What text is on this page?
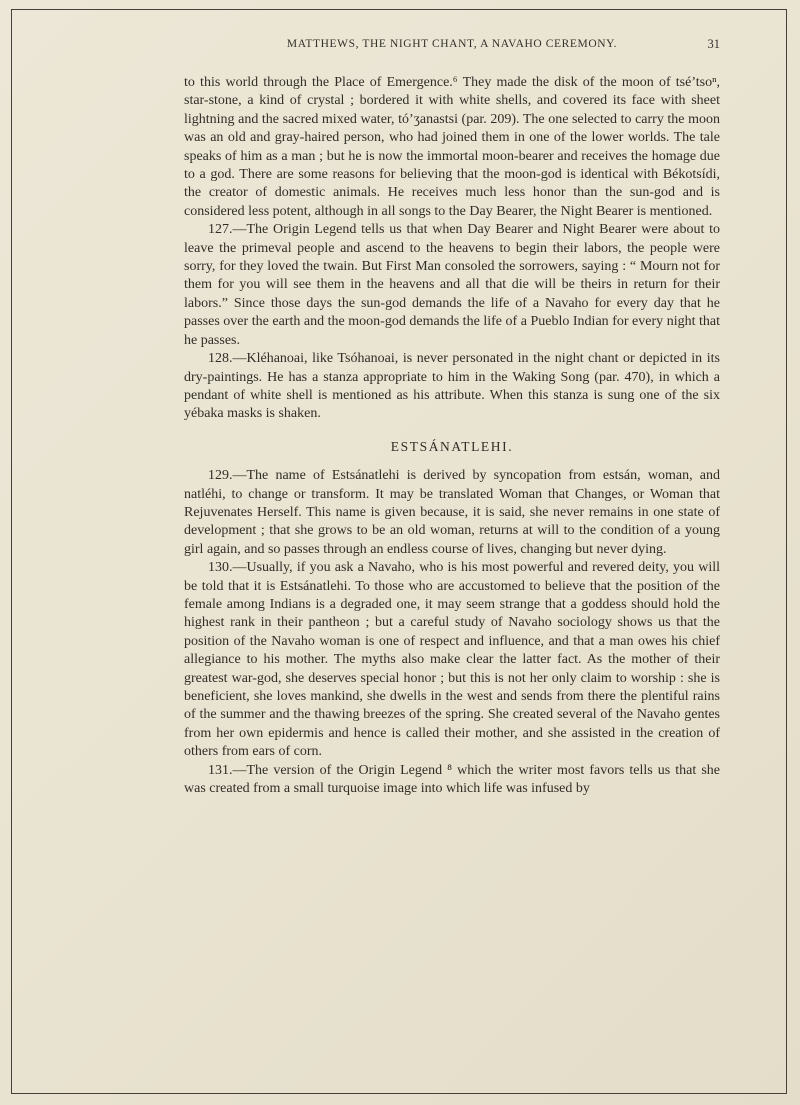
MATTHEWS, THE NIGHT CHANT, A NAVAHO CEREMONY.	31

to this world through the Place of Emergence.⁶ They made the disk of the moon of tsé’tsoⁿ, star-stone, a kind of crystal ; bordered it with white shells, and covered its face with sheet lightning and the sacred mixed water, tó’ʒanastsi (par. 209). The one selected to carry the moon was an old and gray-haired person, who had joined them in one of the lower worlds. The tale speaks of him as a man ; but he is now the immortal moon-bearer and receives the homage due to a god. There are some reasons for believing that the moon-god is identical with Békotsídi, the creator of domestic animals. He receives much less honor than the sun-god and is considered less potent, although in all songs to the Day Bearer, the Night Bearer is mentioned.

127.—The Origin Legend tells us that when Day Bearer and Night Bearer were about to leave the primeval people and ascend to the heavens to begin their labors, the people were sorry, for they loved the twain. But First Man consoled the sorrowers, saying : “ Mourn not for them for you will see them in the heavens and all that die will be theirs in return for their labors.” Since those days the sun-god demands the life of a Navaho for every day that he passes over the earth and the moon-god demands the life of a Pueblo Indian for every night that he passes.

128.—Kléhanoai, like Tsóhanoai, is never personated in the night chant or depicted in its dry-paintings. He has a stanza appropriate to him in the Waking Song (par. 470), in which a pendant of white shell is mentioned as his attribute. When this stanza is sung one of the six yébaka masks is shaken.

ESTSÁNATLEHI.

129.—The name of Estsánatlehi is derived by syncopation from estsán, woman, and natléhi, to change or transform. It may be translated Woman that Changes, or Woman that Rejuvenates Herself. This name is given because, it is said, she never remains in one state of development ; that she grows to be an old woman, returns at will to the condition of a young girl again, and so passes through an endless course of lives, changing but never dying.

130.—Usually, if you ask a Navaho, who is his most powerful and revered deity, you will be told that it is Estsánatlehi. To those who are accustomed to believe that the position of the female among Indians is a degraded one, it may seem strange that a goddess should hold the highest rank in their pantheon ; but a careful study of Navaho sociology shows us that the position of the Navaho woman is one of respect and influence, and that a man owes his chief allegiance to his mother. The myths also make clear the latter fact. As the mother of their greatest war-god, she deserves special honor ; but this is not her only claim to worship : she is beneficient, she loves mankind, she dwells in the west and sends from there the plentiful rains of the summer and the thawing breezes of the spring. She created several of the Navaho gentes from her own epidermis and hence is called their mother, and she assisted in the creation of others from ears of corn.

131.—The version of the Origin Legend ⁸ which the writer most favors tells us that she was created from a small turquoise image into which life was infused by
